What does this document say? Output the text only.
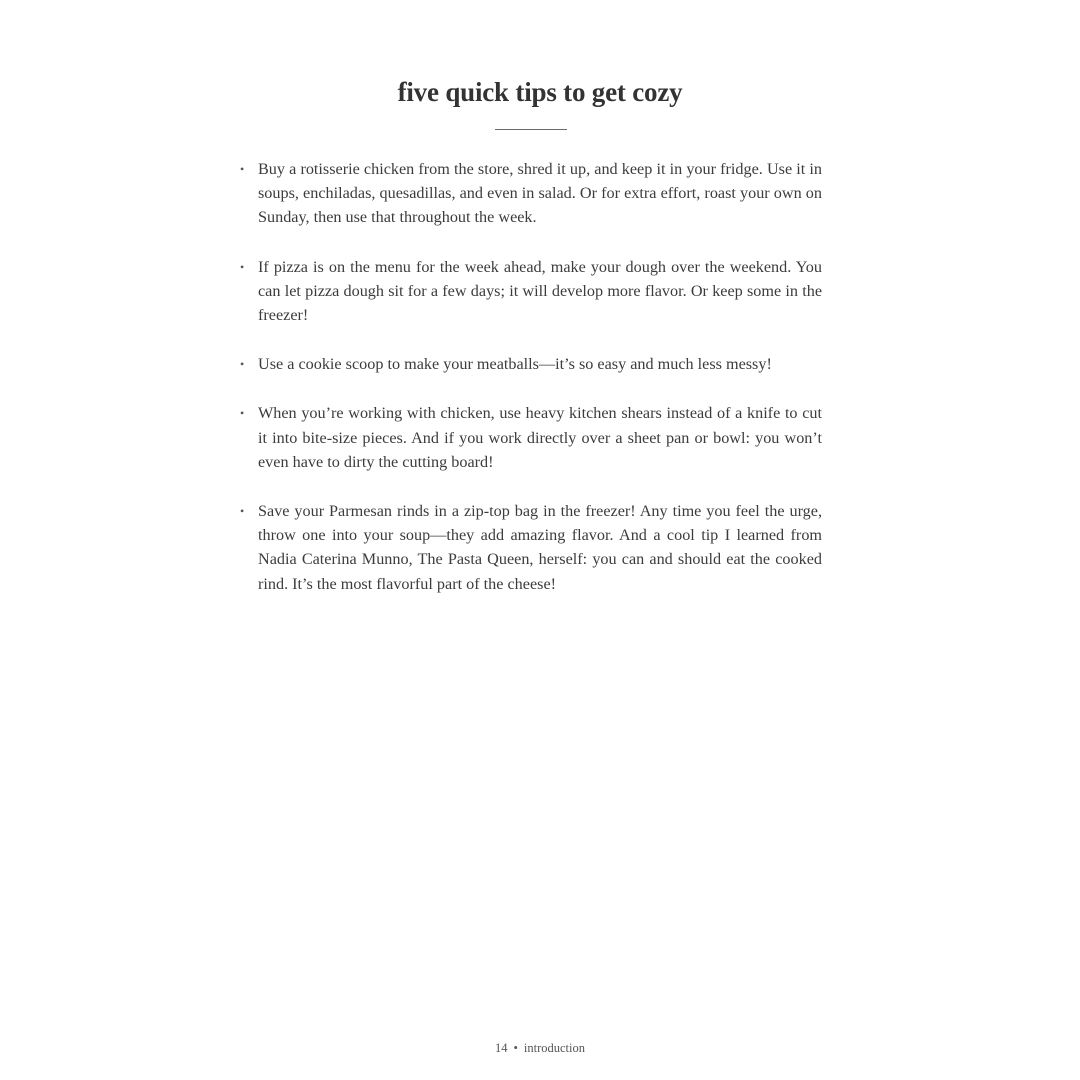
five quick tips to get cozy
• Buy a rotisserie chicken from the store, shred it up, and keep it in your fridge. Use it in soups, enchiladas, quesadillas, and even in salad. Or for extra effort, roast your own on Sunday, then use that throughout the week.
• If pizza is on the menu for the week ahead, make your dough over the weekend. You can let pizza dough sit for a few days; it will develop more flavor. Or keep some in the freezer!
• Use a cookie scoop to make your meatballs—it’s so easy and much less messy!
• When you’re working with chicken, use heavy kitchen shears instead of a knife to cut it into bite-size pieces. And if you work directly over a sheet pan or bowl: you won’t even have to dirty the cutting board!
• Save your Parmesan rinds in a zip-top bag in the freezer! Any time you feel the urge, throw one into your soup—they add amazing flavor. And a cool tip I learned from Nadia Caterina Munno, The Pasta Queen, herself: you can and should eat the cooked rind. It’s the most flavorful part of the cheese!
14 • introduction
